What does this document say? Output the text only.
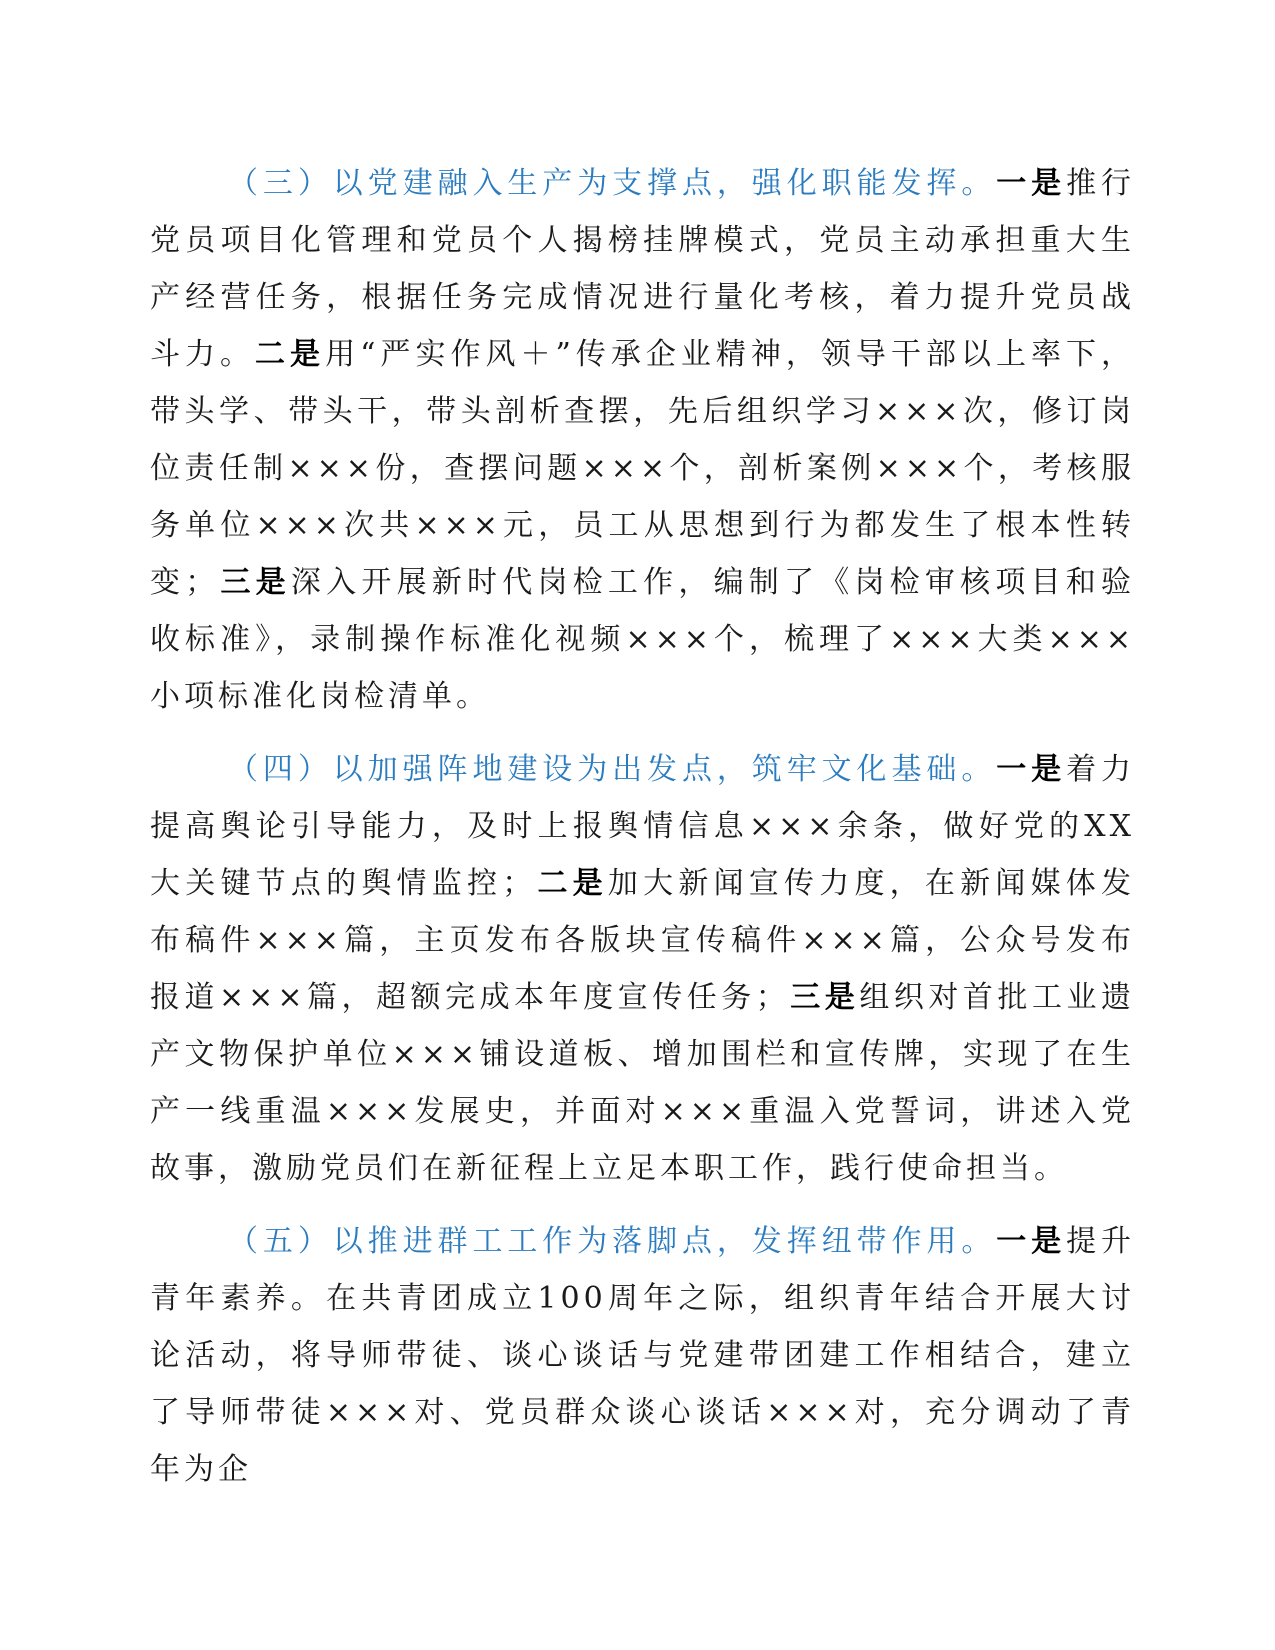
（三）以党建融入生产为支撑点，强化职能发挥。一是推行党员项目化管理和党员个人揭榜挂牌模式，党员主动承担重大生产经营任务，根据任务完成情况进行量化考核，着力提升党员战斗力。二是用“严实作风＋”传承企业精神，领导干部以上率下，带头学、带头干，带头剖析查摆，先后组织学习×××次，修订岗位责任制×××份，查摆问题×××个，剖析案例×××个，考核服务单位×××次共×××元，员工从思想到行为都发生了根本性转变；三是深入开展新时代岗检工作，编制了《岗检审核项目和验收标准》，录制操作标准化视频×××个，梳理了×××大类×××小项标准化岗检清单。

（四）以加强阵地建设为出发点，筑牢文化基础。一是着力提高舆论引导能力，及时上报舆情信息×××余条，做好党的XX大关键节点的舆情监控；二是加大新闻宣传力度，在新闻媒体发布稿件×××篇，主页发布各版块宣传稿件×××篇，公众号发布报道×××篇，超额完成本年度宣传任务；三是组织对首批工业遗产文物保护单位×××铺设道板、增加围栏和宣传牌，实现了在生产一线重温×××发展史，并面对×××重温入党誓词，讲述入党故事，激励党员们在新征程上立足本职工作，践行使命担当。

（五）以推进群工工作为落脚点，发挥纽带作用。一是提升青年素养。在共青团成立100周年之际，组织青年结合开展大讨论活动，将导师带徒、谈心谈话与党建带团建工作相结合，建立了导师带徒×××对、党员群众谈心谈话×××对，充分调动了青年为企
